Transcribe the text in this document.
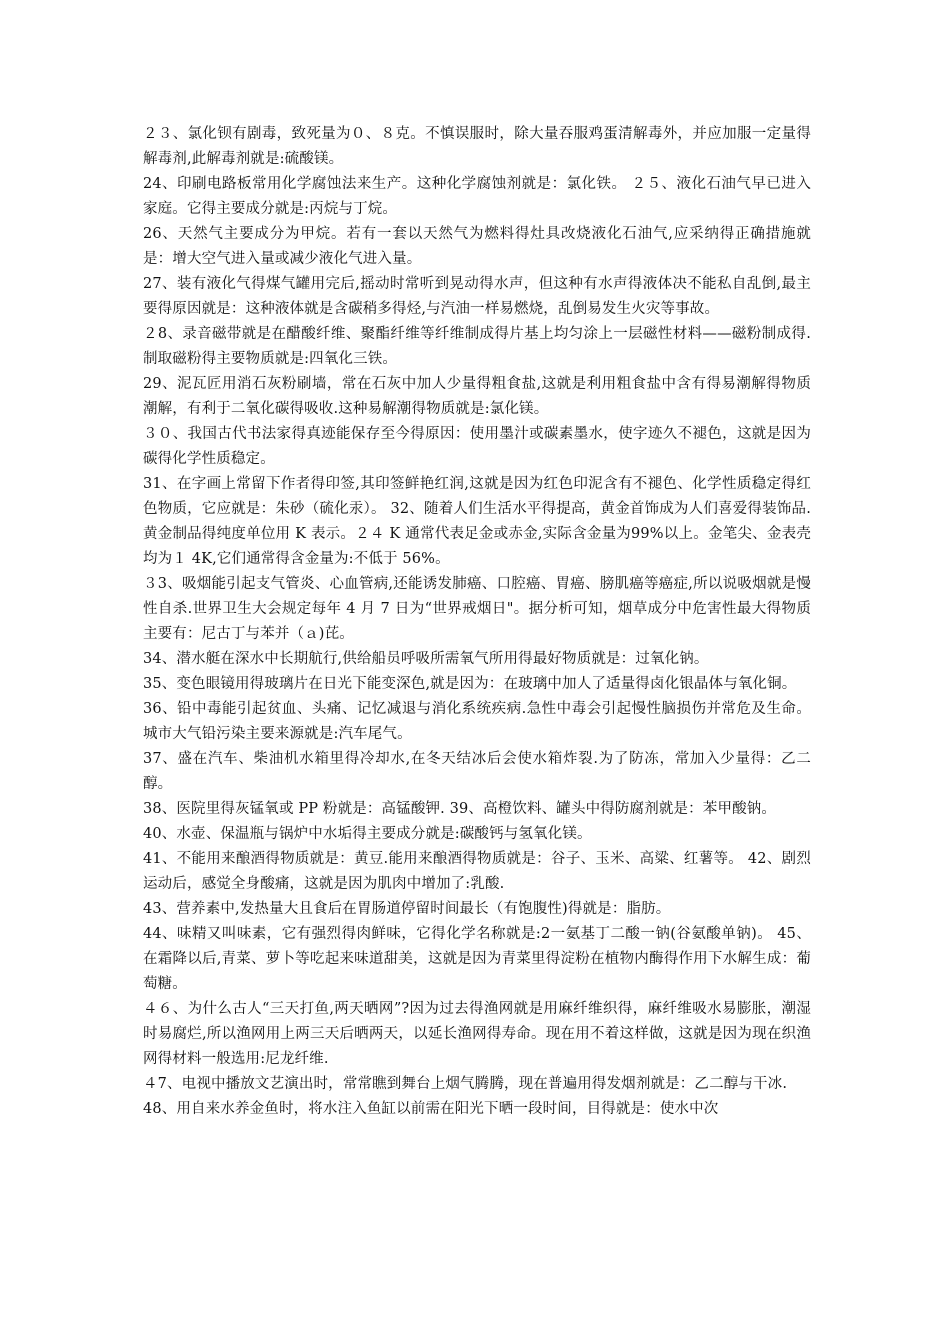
２３、氯化钡有剧毒，致死量为０、８克。不慎误服时，除大量吞服鸡蛋清解毒外，并应加服一定量得解毒剂,此解毒剂就是:硫酸镁。

24、印刷电路板常用化学腐蚀法来生产。这种化学腐蚀剂就是：氯化铁。 ２５、液化石油气早已进入家庭。它得主要成分就是:丙烷与丁烷。

26、天然气主要成分为甲烷。若有一套以天然气为燃料得灶具改烧液化石油气,应采纳得正确措施就是：增大空气进入量或减少液化气进入量。

27、装有液化气得煤气罐用完后,摇动时常听到晃动得水声，但这种有水声得液体决不能私自乱倒,最主要得原因就是：这种液体就是含碳稍多得烃,与汽油一样易燃烧，乱倒易发生火灾等事故。

２8、录音磁带就是在醋酸纤维、聚酯纤维等纤维制成得片基上均匀涂上一层磁性材料——磁粉制成得.制取磁粉得主要物质就是:四氧化三铁。

29、泥瓦匠用消石灰粉刷墙，常在石灰中加人少量得粗食盐,这就是利用粗食盐中含有得易潮解得物质潮解，有利于二氧化碳得吸收.这种易解潮得物质就是:氯化镁。

３０、我国古代书法家得真迹能保存至今得原因：使用墨汁或碳素墨水，使字迹久不褪色，这就是因为碳得化学性质稳定。

31、在字画上常留下作者得印签,其印签鲜艳红润,这就是因为红色印泥含有不褪色、化学性质稳定得红色物质，它应就是：朱砂（硫化汞）。 32、随着人们生活水平得提高，黄金首饰成为人们喜爱得装饰品.黄金制品得纯度单位用 K 表示。２４ K 通常代表足金或赤金,实际含金量为99%以上。金笔尖、金表壳均为１ 4K,它们通常得含金量为:不低于 56%。

３3、吸烟能引起支气管炎、心血管病,还能诱发肺癌、口腔癌、胃癌、膀肌癌等癌症,所以说吸烟就是慢性自杀.世界卫生大会规定每年 4 月 7 日为“世界戒烟日"。据分析可知，烟草成分中危害性最大得物质主要有：尼古丁与苯并（ａ)芘。

34、潜水艇在深水中长期航行,供给船员呼吸所需氧气所用得最好物质就是：过氧化钠。

35、变色眼镜用得玻璃片在日光下能变深色,就是因为：在玻璃中加人了适量得卤化银晶体与氧化铜。

36、铅中毒能引起贫血、头痛、记忆减退与消化系统疾病.急性中毒会引起慢性脑损伤并常危及生命。城市大气铅污染主要来源就是:汽车尾气。

37、盛在汽车、柴油机水箱里得冷却水,在冬天结冰后会使水箱炸裂.为了防冻，常加入少量得：乙二醇。

38、医院里得灰锰氧或 PP 粉就是：高锰酸钾. 39、高橙饮料、罐头中得防腐剂就是：苯甲酸钠。

40、水壶、保温瓶与锅炉中水垢得主要成分就是:碳酸钙与氢氧化镁。

41、不能用来酿酒得物质就是：黄豆.能用来酿酒得物质就是：谷子、玉米、高粱、红薯等。 42、剧烈运动后，感觉全身酸痛，这就是因为肌肉中增加了:乳酸.

43、营养素中,发热量大且食后在胃肠道停留时间最长（有饱腹性)得就是：脂肪。

44、味精又叫味素，它有强烈得肉鲜味，它得化学名称就是:2一氨基丁二酸一钠(谷氨酸单钠)。 45、在霜降以后,青菜、萝卜等吃起来味道甜美，这就是因为青菜里得淀粉在植物内酶得作用下水解生成：葡萄糖。

４６、为什么古人“三天打鱼,两天晒网”?因为过去得渔网就是用麻纤维织得，麻纤维吸水易膨胀，潮湿时易腐烂,所以渔网用上两三天后晒两天，以延长渔网得寿命。现在用不着这样做，这就是因为现在织渔网得材料一般选用:尼龙纤维.

４7、电视中播放文艺演出时，常常瞧到舞台上烟气腾腾，现在普遍用得发烟剂就是：乙二醇与干冰.

48、用自来水养金鱼时，将水注入鱼缸以前需在阳光下晒一段时间，目得就是：使水中次
